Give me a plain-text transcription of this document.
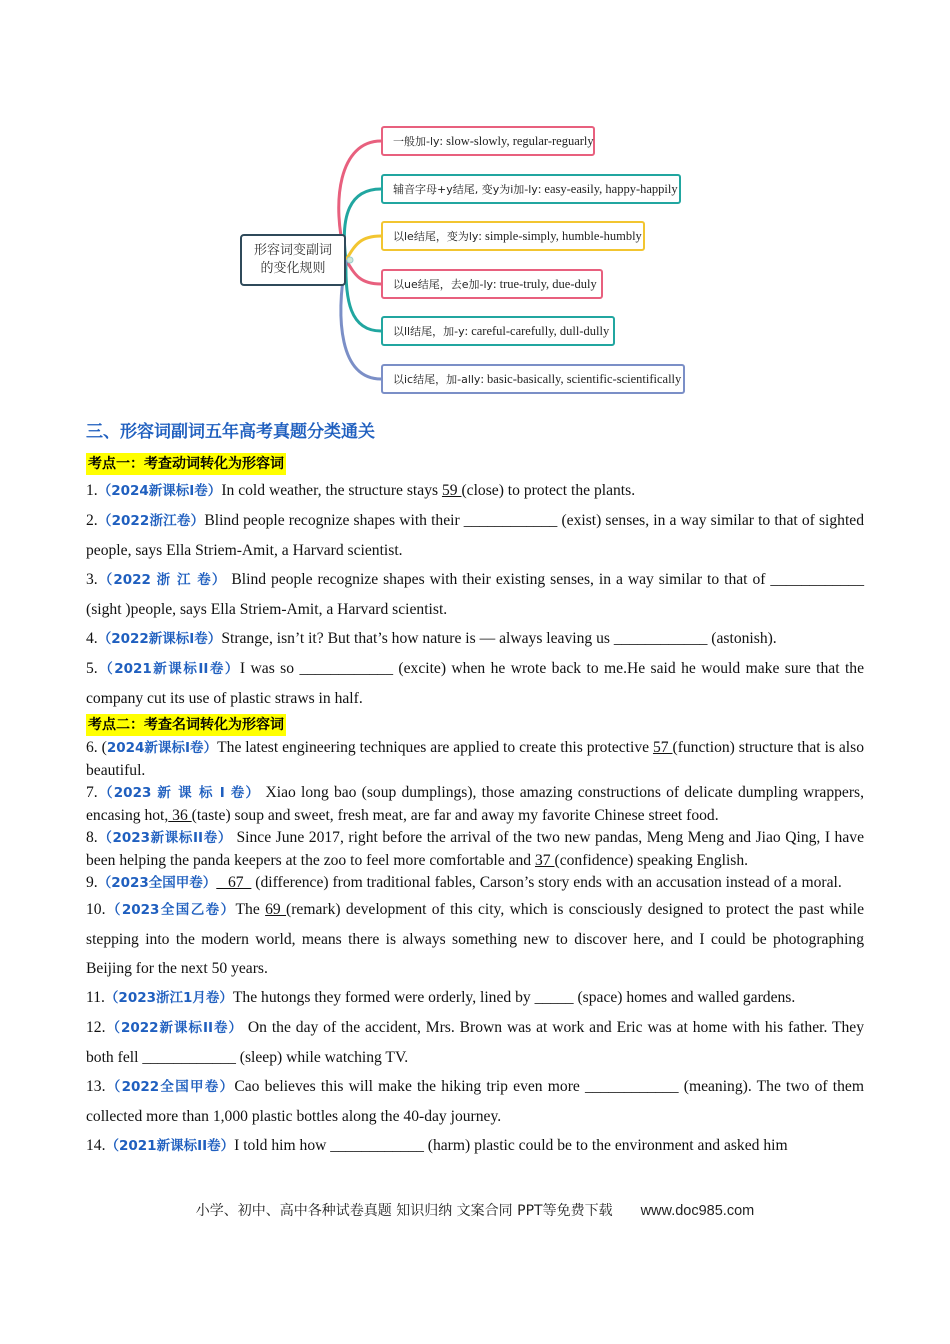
形容词变副词的变化规则
一般加-ly : slow-slowly, regular-reguarly
辅音字母+y结尾, 变y为i加-ly : easy-easily, happy-happily
以le结尾，变为ly : simple-simply, humble-humbly
以ue结尾，去e加-ly : true-truly, due-duly
以ll结尾，加-y : careful-carefully, dull-dully
以ic结尾，加-ally : basic-basically, scientific-scientifically
三、形容词副词五年高考真题分类通关
考点一：考查动词转化为形容词

1.（2024新课标I卷）In cold weather, the structure stays 59 (close) to protect the plants.

2.（2022浙江卷）Blind people recognize shapes with their ____________ (exist) senses, in a way similar to that of sighted people, says Ella Striem-Amit, a Harvard scientist.

3.（2022 浙 江 卷） Blind people recognize shapes with their existing senses, in a way similar to that of ____________ (sight )people, says Ella Striem-Amit, a Harvard scientist.

4.（2022新课标I卷）Strange, isn’t it? But that’s how nature is — always leaving us ____________ (astonish).

5.（2021新课标II卷）I was so ____________ (excite) when he wrote back to me.He said he would make sure that the company cut its use of plastic straws in half.

考点二：考查名词转化为形容词

6. (2024新课标I卷）The latest engineering techniques are applied to create this protective 57 (function) structure that is also beautiful.

7.（2023 新 课 标 I 卷） Xiao long bao (soup dumplings), those amazing constructions of delicate dumpling wrappers, encasing hot, 36 (taste) soup and sweet, fresh meat, are far and away my favorite Chinese street food.

8.（2023新课标II卷） Since June 2017, right before the arrival of the two new pandas, Meng Meng and Jiao Qing, I have been helping the panda keepers at the zoo to feel more comfortable and 37 (confidence) speaking English.

9.（2023全国甲卷）   67   (difference) from traditional fables, Carson’s story ends with an accusation instead of a moral.

10.（2023全国乙卷）The 69 (remark) development of this city, which is consciously designed to protect the past while stepping into the modern world, means there is always something new to discover here, and I could be photographing Beijing for the next 50 years.

11.（2023浙江1月卷）The hutongs they formed were orderly, lined by _____ (space) homes and walled gardens.

12.（2022新课标II卷） On the day of the accident, Mrs. Brown was at work and Eric was at home with his father. They both fell ____________ (sleep) while watching TV.

13.（2022全国甲卷）Cao believes this will make the hiking trip even more ____________ (meaning). The two of them collected more than 1,000 plastic bottles along the 40-day journey.

14.（2021新课标II卷）I told him how ____________ (harm) plastic could be to the environment and asked him

小学、初中、高中各种试卷真题 知识归纳 文案合同 PPT等免费下载 www.doc985.com
